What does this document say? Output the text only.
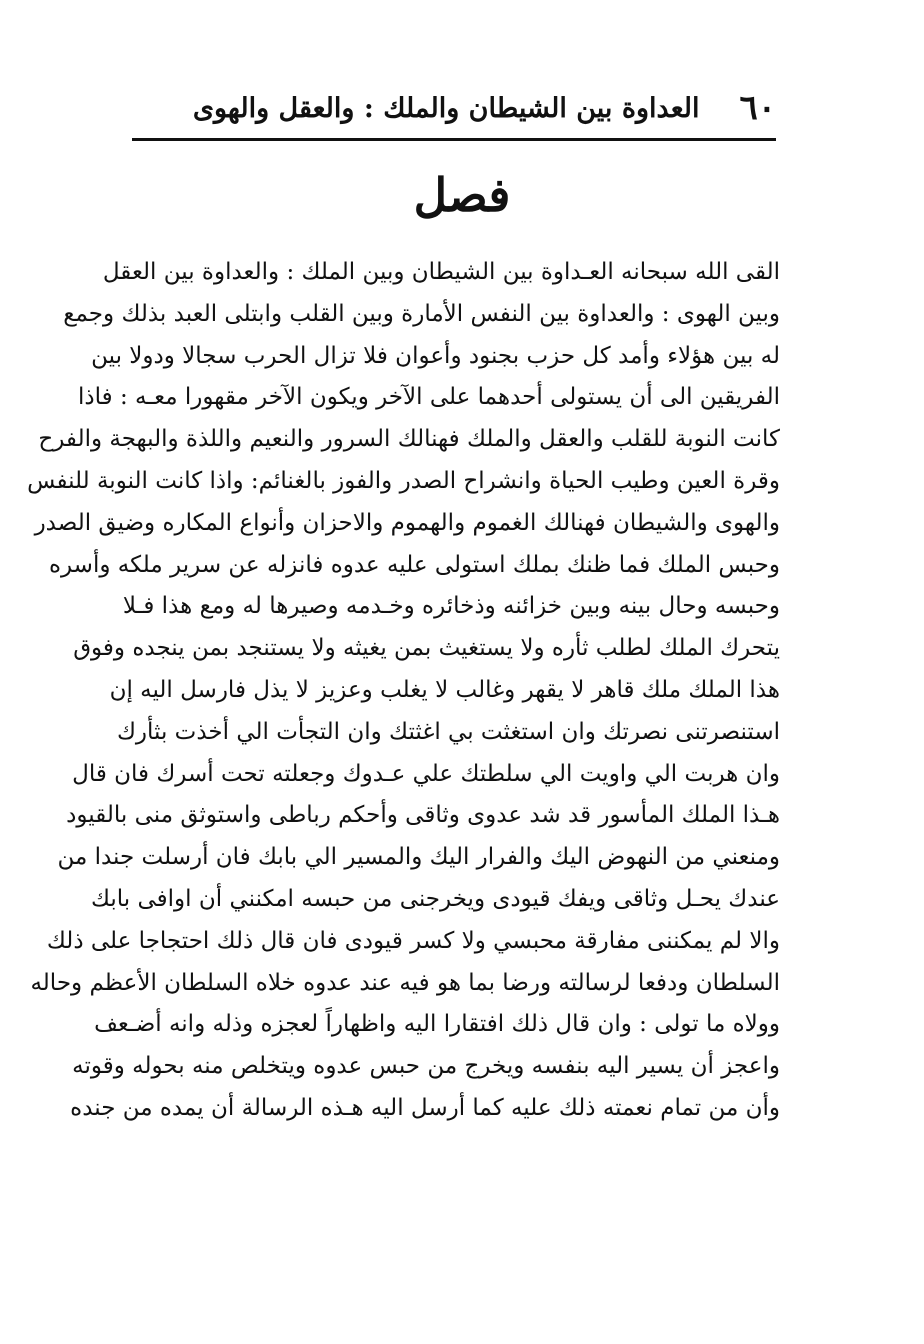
٦٠
العداوة بين الشيطان والملك : والعقل والهوى
فصل
القى الله سبحانه العـداوة بين الشيطان وبين الملك : والعداوة بين العقل
وبين الهوى : والعداوة بين النفس الأمارة وبين القلب وابتلى العبد بذلك وجمع
له بين هؤلاء وأمد كل حزب بجنود وأعوان فلا تزال الحرب سجالا ودولا بين
الفريقين الى أن يستولى أحدهما على الآخر ويكون الآخر مقهورا معـه : فاذا
كانت النوبة للقلب والعقل والملك فهنالك السرور والنعيم واللذة والبهجة والفرح
وقرة العين وطيب الحياة وانشراح الصدر والفوز بالغنائم: واذا كانت النوبة للنفس
والهوى والشيطان فهنالك الغموم والهموم والاحزان وأنواع المكاره وضيق الصدر
وحبس الملك فما ظنك بملك استولى عليه عدوه فانزله عن سرير ملكه وأسره
وحبسه وحال بينه وبين خزائنه وذخائره وخـدمه وصيرها له ومع هذا فـلا
يتحرك الملك لطلب ثأره ولا يستغيث بمن يغيثه ولا يستنجد بمن ينجده وفوق
هذا الملك ملك قاهر لا يقهر وغالب لا يغلب وعزيز لا يذل فارسل اليه إن
استنصرتنى نصرتك وان استغثت بي اغثتك وان التجأت الي أخذت بثأرك
وان هربت الي واويت الي سلطتك علي عـدوك وجعلته تحت أسرك فان قال
هـذا الملك المأسور قد شد عدوى وثاقى وأحكم رباطى واستوثق منى بالقيود
ومنعني من النهوض اليك والفرار اليك والمسير الي بابك فان أرسلت جندا من
عندك يحـل وثاقى ويفك قيودى ويخرجنى من حبسه امكنني أن اوافى بابك
والا لم يمكننى مفارقة محبسي ولا كسر قيودى فان قال ذلك احتجاجا على ذلك
السلطان ودفعا لرسالته ورضا بما هو فيه عند عدوه خلاه السلطان الأعظم وحاله
وولاه ما تولى : وان قال ذلك افتقارا اليه واظهاراً لعجزه وذله وانه أضـعف
واعجز أن يسير اليه بنفسه ويخرج من حبس عدوه ويتخلص منه بحوله وقوته
وأن من تمام نعمته ذلك عليه كما أرسل اليه هـذه الرسالة أن يمده من جنده
